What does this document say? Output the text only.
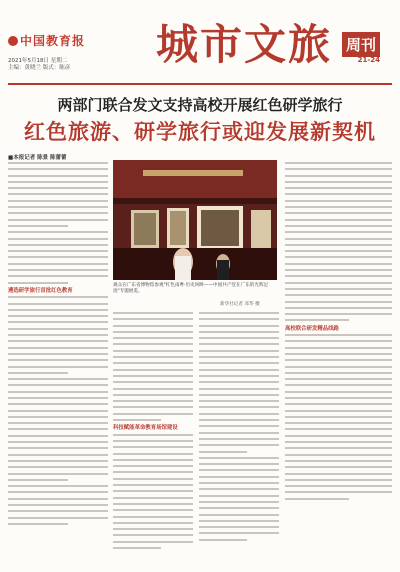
中国教育报
2021年5月18日 星期二
主编：黄晓兰 版式：陈彦 城市文旅 周刊
21-24
两部门联合发文支持高校开展红色研学旅行
红色旅游、研学旅行或迎发展新契机
■本报记者 陈景 陈蕾蕾
遴选研学旅行首批红色教育
观众在广东省博物馆参观"红色南粤·历史回眸——中国共产党在广东的光辉足迹"专题展览。
新华社记者 邓华 摄
科技赋能革命教育场馆建设
高校联合研发精品线路
